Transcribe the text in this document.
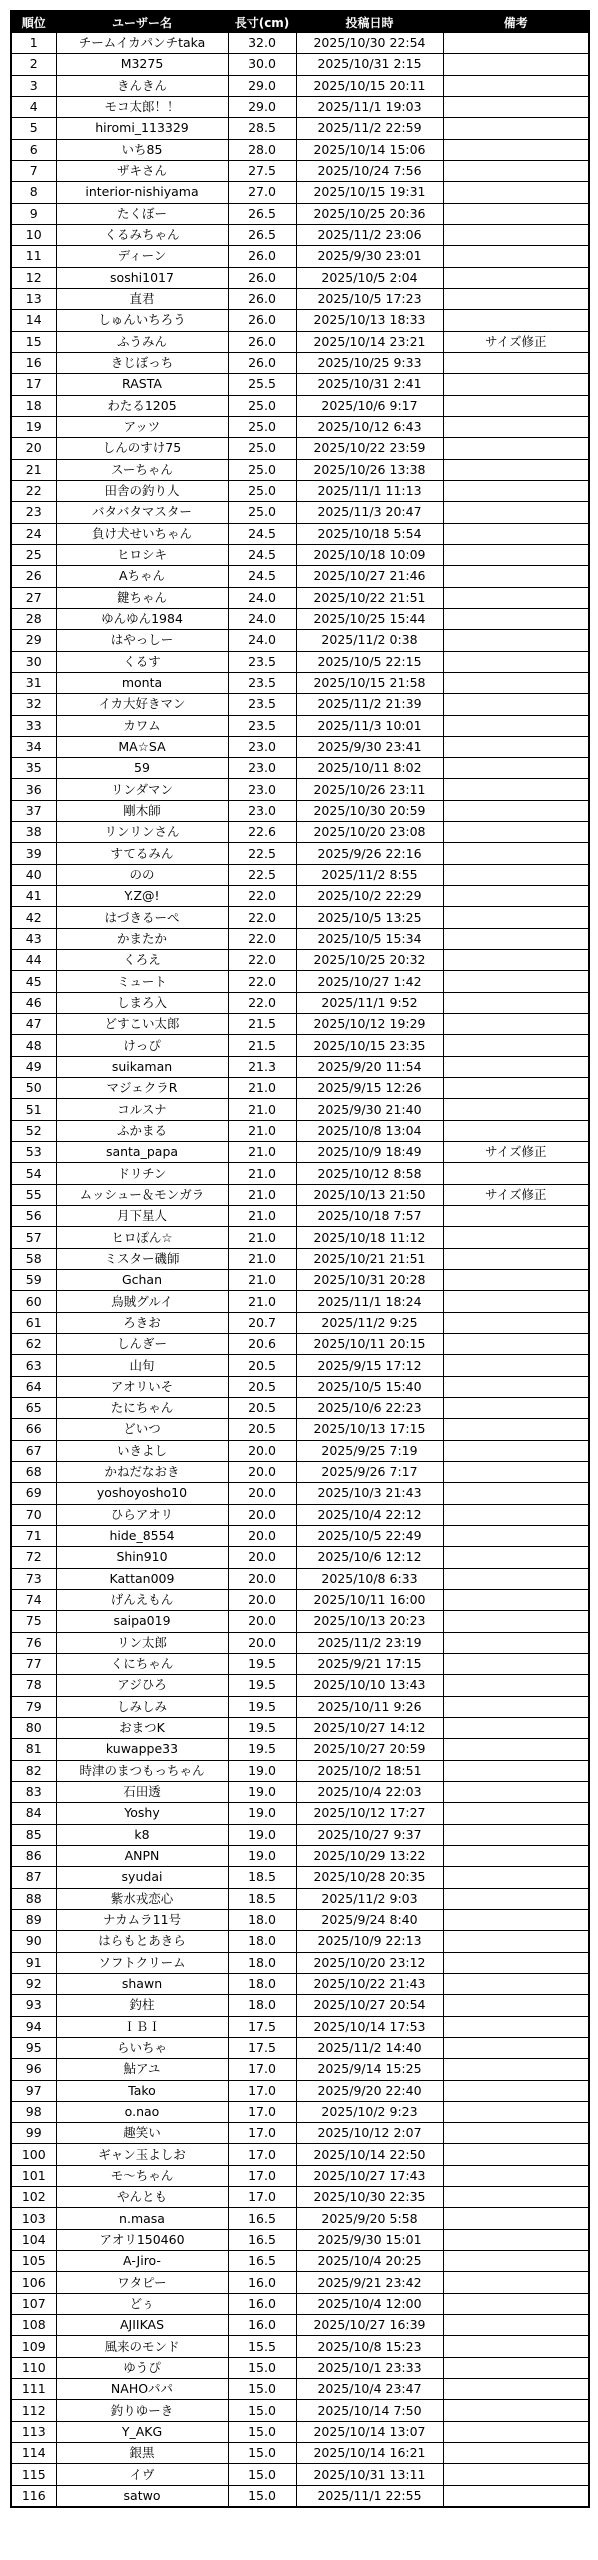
順位	ユーザー名	長寸(cm)	投稿日時	備考
1	チームイカパンチtaka	32.0	2025/10/30 22:54	
2	M3275	30.0	2025/10/31 2:15	
3	きんきん	29.0	2025/10/15 20:11	
4	モコ太郎！！	29.0	2025/11/1 19:03	
5	hiromi_113329	28.5	2025/11/2 22:59	
6	いち85	28.0	2025/10/14 15:06	
7	ザキさん	27.5	2025/10/24 7:56	
8	interior-nishiyama	27.0	2025/10/15 19:31	
9	たくぼー	26.5	2025/10/25 20:36	
10	くるみちゃん	26.5	2025/11/2 23:06	
11	ディーン	26.0	2025/9/30 23:01	
12	soshi1017	26.0	2025/10/5 2:04	
13	直君	26.0	2025/10/5 17:23	
14	しゅんいちろう	26.0	2025/10/13 18:33	
15	ふうみん	26.0	2025/10/14 23:21	サイズ修正
16	きじぼっち	26.0	2025/10/25 9:33	
17	RASTA	25.5	2025/10/31 2:41	
18	わたる1205	25.0	2025/10/6 9:17	
19	アッツ	25.0	2025/10/12 6:43	
20	しんのすけ75	25.0	2025/10/22 23:59	
21	スーちゃん	25.0	2025/10/26 13:38	
22	田舎の釣り人	25.0	2025/11/1 11:13	
23	バタバタマスター	25.0	2025/11/3 20:47	
24	負け犬せいちゃん	24.5	2025/10/18 5:54	
25	ヒロシキ	24.5	2025/10/18 10:09	
26	Aちゃん	24.5	2025/10/27 21:46	
27	鍵ちゃん	24.0	2025/10/22 21:51	
28	ゆんゆん1984	24.0	2025/10/25 15:44	
29	はやっしー	24.0	2025/11/2 0:38	
30	くるす	23.5	2025/10/5 22:15	
31	monta	23.5	2025/10/15 21:58	
32	イカ大好きマン	23.5	2025/11/2 21:39	
33	カワム	23.5	2025/11/3 10:01	
34	MA☆SA	23.0	2025/9/30 23:41	
35	59	23.0	2025/10/11 8:02	
36	リンダマン	23.0	2025/10/26 23:11	
37	剛木師	23.0	2025/10/30 20:59	
38	リンリンさん	22.6	2025/10/20 23:08	
39	すてるみん	22.5	2025/9/26 22:16	
40	のの	22.5	2025/11/2 8:55	
41	Y.Z@!	22.0	2025/10/2 22:29	
42	はづきるーぺ	22.0	2025/10/5 13:25	
43	かまたか	22.0	2025/10/5 15:34	
44	くろえ	22.0	2025/10/25 20:32	
45	ミュート	22.0	2025/10/27 1:42	
46	しまろ入	22.0	2025/11/1 9:52	
47	どすこい太郎	21.5	2025/10/12 19:29	
48	けっぴ	21.5	2025/10/15 23:35	
49	suikaman	21.3	2025/9/20 11:54	
50	マジェクラR	21.0	2025/9/15 12:26	
51	コルスナ	21.0	2025/9/30 21:40	
52	ふかまる	21.0	2025/10/8 13:04	
53	santa_papa	21.0	2025/10/9 18:49	サイズ修正
54	ドリチン	21.0	2025/10/12 8:58	
55	ムッシュー＆モンガラ	21.0	2025/10/13 21:50	サイズ修正
56	月下星人	21.0	2025/10/18 7:57	
57	ヒロぽん☆	21.0	2025/10/18 11:12	
58	ミスター磯師	21.0	2025/10/21 21:51	
59	Gchan	21.0	2025/10/31 20:28	
60	烏賊グルイ	21.0	2025/11/1 18:24	
61	ろきお	20.7	2025/11/2 9:25	
62	しんぎー	20.6	2025/10/11 20:15	
63	山旬	20.5	2025/9/15 17:12	
64	アオリいそ	20.5	2025/10/5 15:40	
65	たにちゃん	20.5	2025/10/6 22:23	
66	どいつ	20.5	2025/10/13 17:15	
67	いきよし	20.0	2025/9/25 7:19	
68	かねだなおき	20.0	2025/9/26 7:17	
69	yoshoyosho10	20.0	2025/10/3 21:43	
70	ひらアオリ	20.0	2025/10/4 22:12	
71	hide_8554	20.0	2025/10/5 22:49	
72	Shin910	20.0	2025/10/6 12:12	
73	Kattan009	20.0	2025/10/8 6:33	
74	げんえもん	20.0	2025/10/11 16:00	
75	saipa019	20.0	2025/10/13 20:23	
76	リン太郎	20.0	2025/11/2 23:19	
77	くにちゃん	19.5	2025/9/21 17:15	
78	アジひろ	19.5	2025/10/10 13:43	
79	しみしみ	19.5	2025/10/11 9:26	
80	おまつK	19.5	2025/10/27 14:12	
81	kuwappe33	19.5	2025/10/27 20:59	
82	時津のまつもっちゃん	19.0	2025/10/2 18:51	
83	石田透	19.0	2025/10/4 22:03	
84	Yoshy	19.0	2025/10/12 17:27	
85	k8	19.0	2025/10/27 9:37	
86	ANPN	19.0	2025/10/29 13:22	
87	syudai	18.5	2025/10/28 20:35	
88	紫水戎恋心	18.5	2025/11/2 9:03	
89	ナカムラ11号	18.0	2025/9/24 8:40	
90	はらもとあきら	18.0	2025/10/9 22:13	
91	ソフトクリーム	18.0	2025/10/20 23:12	
92	shawn	18.0	2025/10/22 21:43	
93	釣柱	18.0	2025/10/27 20:54	
94	ＩＢＩ	17.5	2025/10/14 17:53	
95	らいちゃ	17.5	2025/11/2 14:40	
96	鮎アユ	17.0	2025/9/14 15:25	
97	Tako	17.0	2025/9/20 22:40	
98	o.nao	17.0	2025/10/2 9:23	
99	趣笑い	17.0	2025/10/12 2:07	
100	ギャン玉よしお	17.0	2025/10/14 22:50	
101	モ～ちゃん	17.0	2025/10/27 17:43	
102	やんとも	17.0	2025/10/30 22:35	
103	n.masa	16.5	2025/9/20 5:58	
104	アオリ150460	16.5	2025/9/30 15:01	
105	A-Jiro-	16.5	2025/10/4 20:25	
106	ワタピー	16.0	2025/9/21 23:42	
107	どぅ	16.0	2025/10/4 12:00	
108	AJIIKAS	16.0	2025/10/27 16:39	
109	風来のモンド	15.5	2025/10/8 15:23	
110	ゆうぴ	15.0	2025/10/1 23:33	
111	NAHOパパ	15.0	2025/10/4 23:47	
112	釣りゆーき	15.0	2025/10/14 7:50	
113	Y_AKG	15.0	2025/10/14 13:07	
114	銀黒	15.0	2025/10/14 16:21	
115	イヴ	15.0	2025/10/31 13:11	
116	satwo	15.0	2025/11/1 22:55	
